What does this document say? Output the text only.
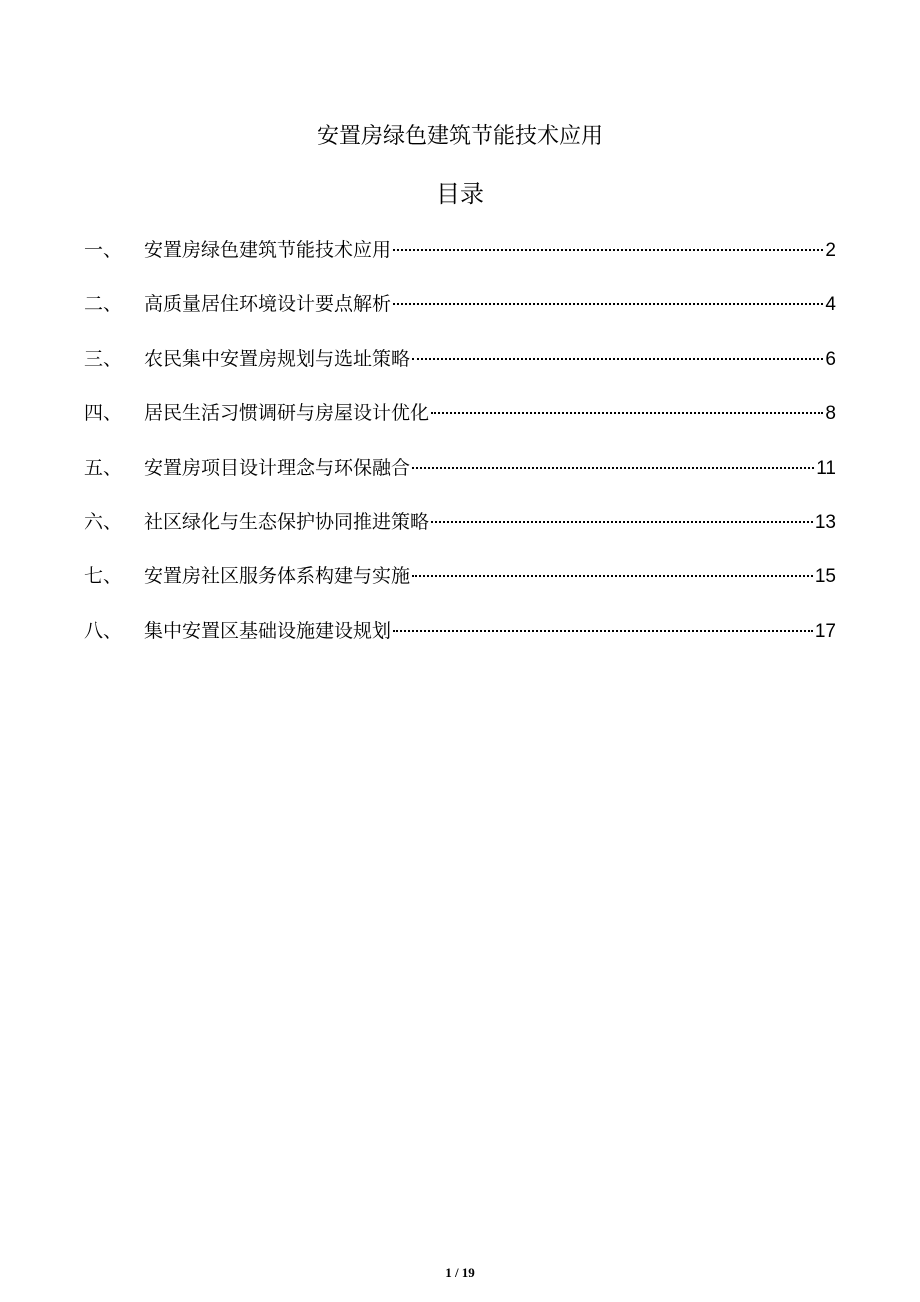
安置房绿色建筑节能技术应用
目录
一、	安置房绿色建筑节能技术应用	2
二、	高质量居住环境设计要点解析	4
三、	农民集中安置房规划与选址策略	6
四、	居民生活习惯调研与房屋设计优化	8
五、	安置房项目设计理念与环保融合	11
六、	社区绿化与生态保护协同推进策略	13
七、	安置房社区服务体系构建与实施	15
八、	集中安置区基础设施建设规划	17
1 / 19
